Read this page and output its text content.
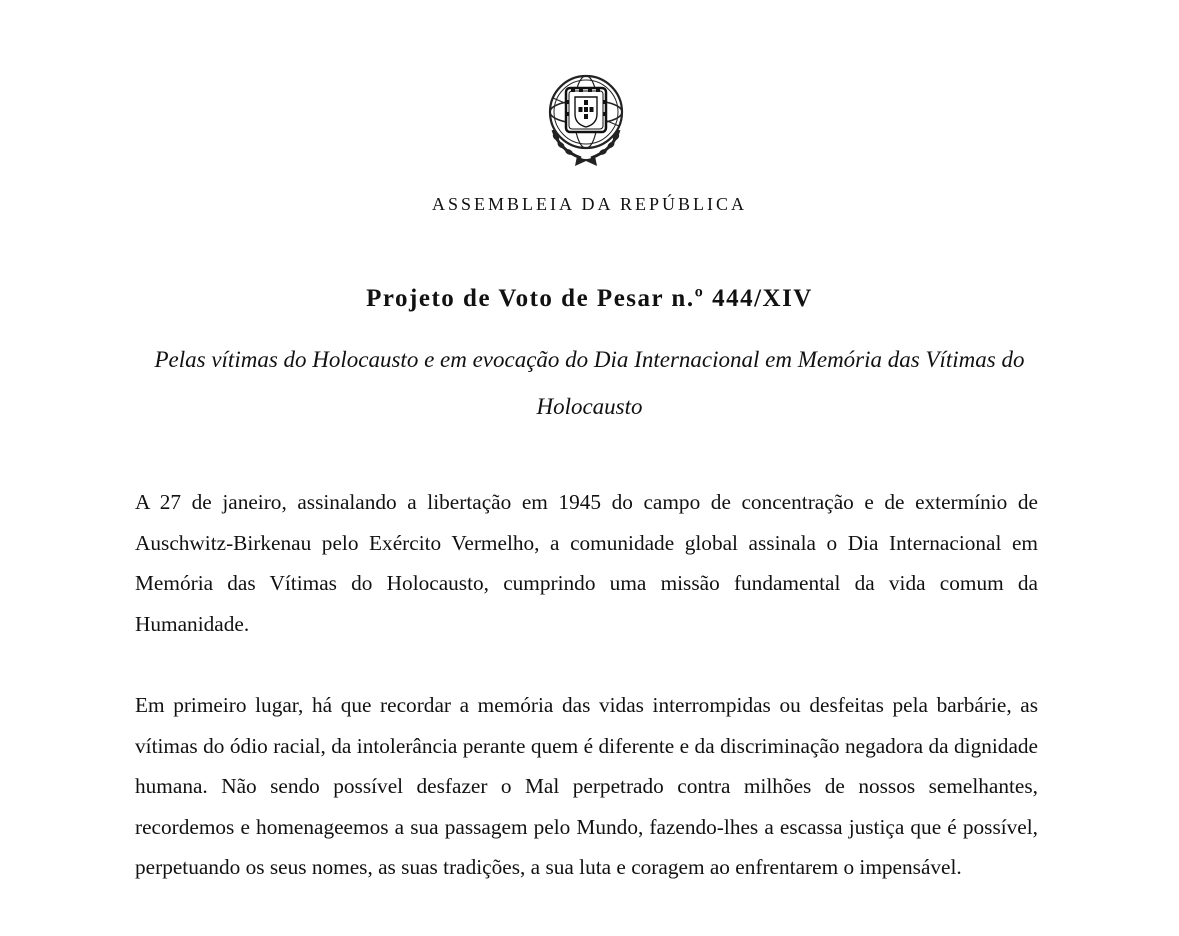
ASSEMBLEIA DA REPÚBLICA
Projeto de Voto de Pesar n.º 444/XIV
Pelas vítimas do Holocausto e em evocação do Dia Internacional em Memória das Vítimas do Holocausto

A 27 de janeiro, assinalando a libertação em 1945 do campo de concentração e de extermínio de Auschwitz-Birkenau pelo Exército Vermelho, a comunidade global assinala o Dia Internacional em Memória das Vítimas do Holocausto, cumprindo uma missão fundamental da vida comum da Humanidade.

Em primeiro lugar, há que recordar a memória das vidas interrompidas ou desfeitas pela barbárie, as vítimas do ódio racial, da intolerância perante quem é diferente e da discriminação negadora da dignidade humana. Não sendo possível desfazer o Mal perpetrado contra milhões de nossos semelhantes, recordemos e homenageemos a sua passagem pelo Mundo, fazendo-lhes a escassa justiça que é possível, perpetuando os seus nomes, as suas tradições, a sua luta e coragem ao enfrentarem o impensável.
